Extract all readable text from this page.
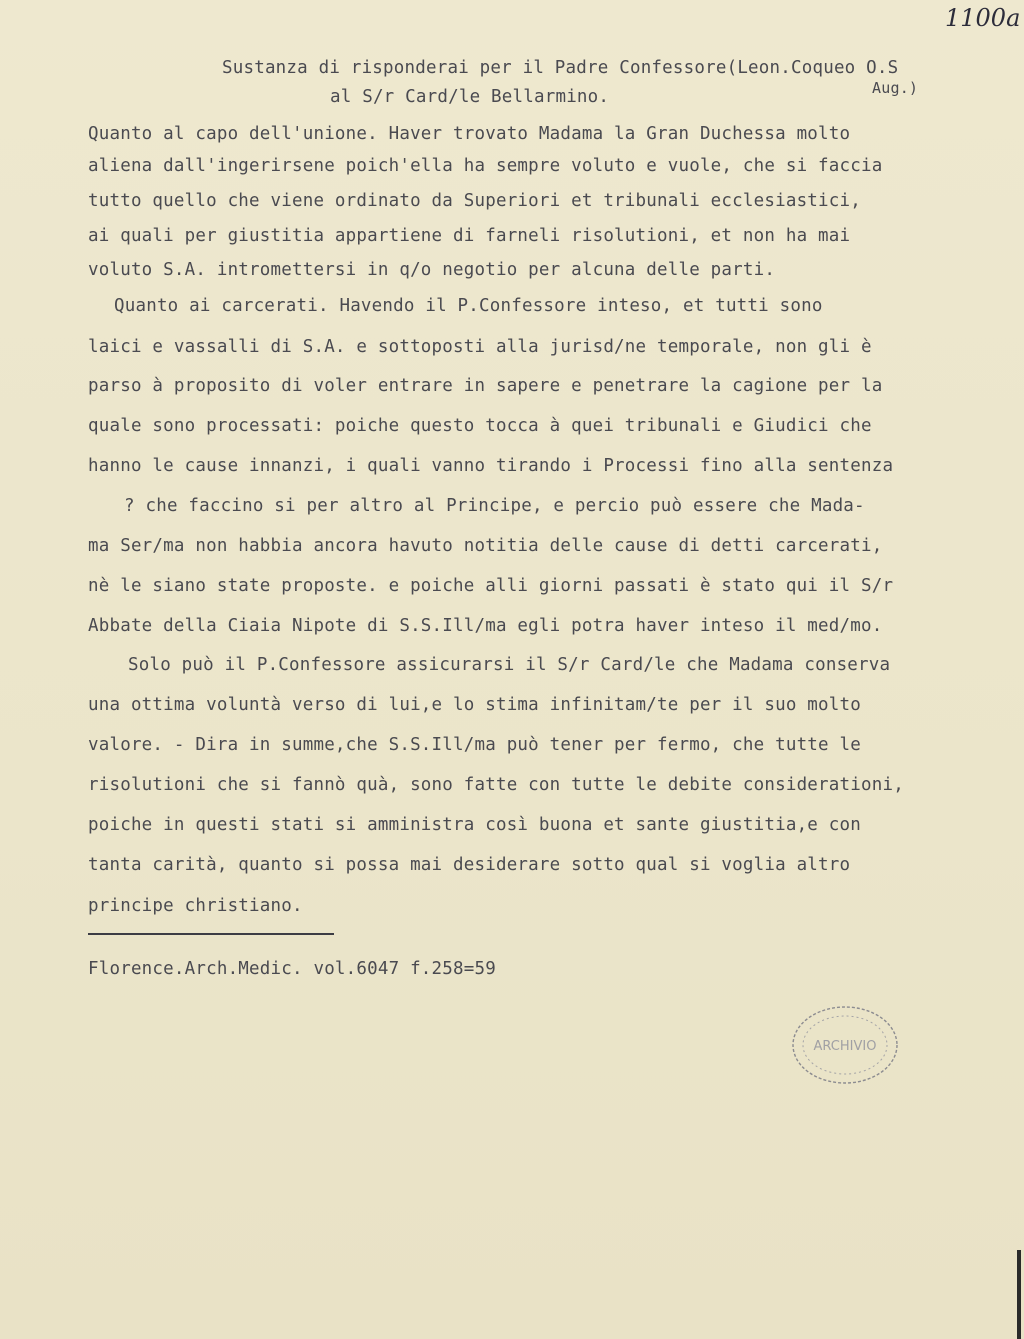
1100a
Sustanza di risponderai per il Padre Confessore(Leon.Coqueo O.S
Aug.)
al S/r Card/le Bellarmino.
Quanto al capo dell'unione. Haver trovato Madama la Gran Duchessa molto
aliena dall'ingerirsene poich'ella ha sempre voluto e vuole, che si faccia
tutto quello che viene ordinato da Superiori et tribunali ecclesiastici,
ai quali per giustitia appartiene di farneli risolutioni, et non ha mai
voluto S.A. intromettersi in q/o negotio per alcuna delle parti.
Quanto ai carcerati. Havendo il P.Confessore inteso, et tutti sono
laici e vassalli di S.A. e sottoposti alla jurisd/ne temporale, non gli è
parso à proposito di voler entrare in sapere e penetrare la cagione per la
quale sono processati: poiche questo tocca à quei tribunali e Giudici che
hanno le cause innanzi, i quali vanno tirando i Processi fino alla sentenza
? che faccino si per altro al Principe, e percio può essere che Mada-
ma Ser/ma non habbia ancora havuto notitia delle cause di detti carcerati,
nè le siano state proposte. e poiche alli giorni passati è stato qui il S/r
Abbate della Ciaia Nipote di S.S.Ill/ma egli potra haver inteso il med/mo.
Solo può il P.Confessore assicurarsi il S/r Card/le che Madama conserva
una ottima voluntà verso di lui,e lo stima infinitam/te per il suo molto
valore. - Dira in summe,che S.S.Ill/ma può tener per fermo, che tutte le
risolutioni che si fannò quà, sono fatte con tutte le debite considerationi,
poiche in questi stati si amministra così buona et sante giustitia,e con
tanta carità, quanto si possa mai desiderare sotto qual si voglia altro
principe christiano.
Florence.Arch.Medic. vol.6047 f.258=59
ARCHIVIO
